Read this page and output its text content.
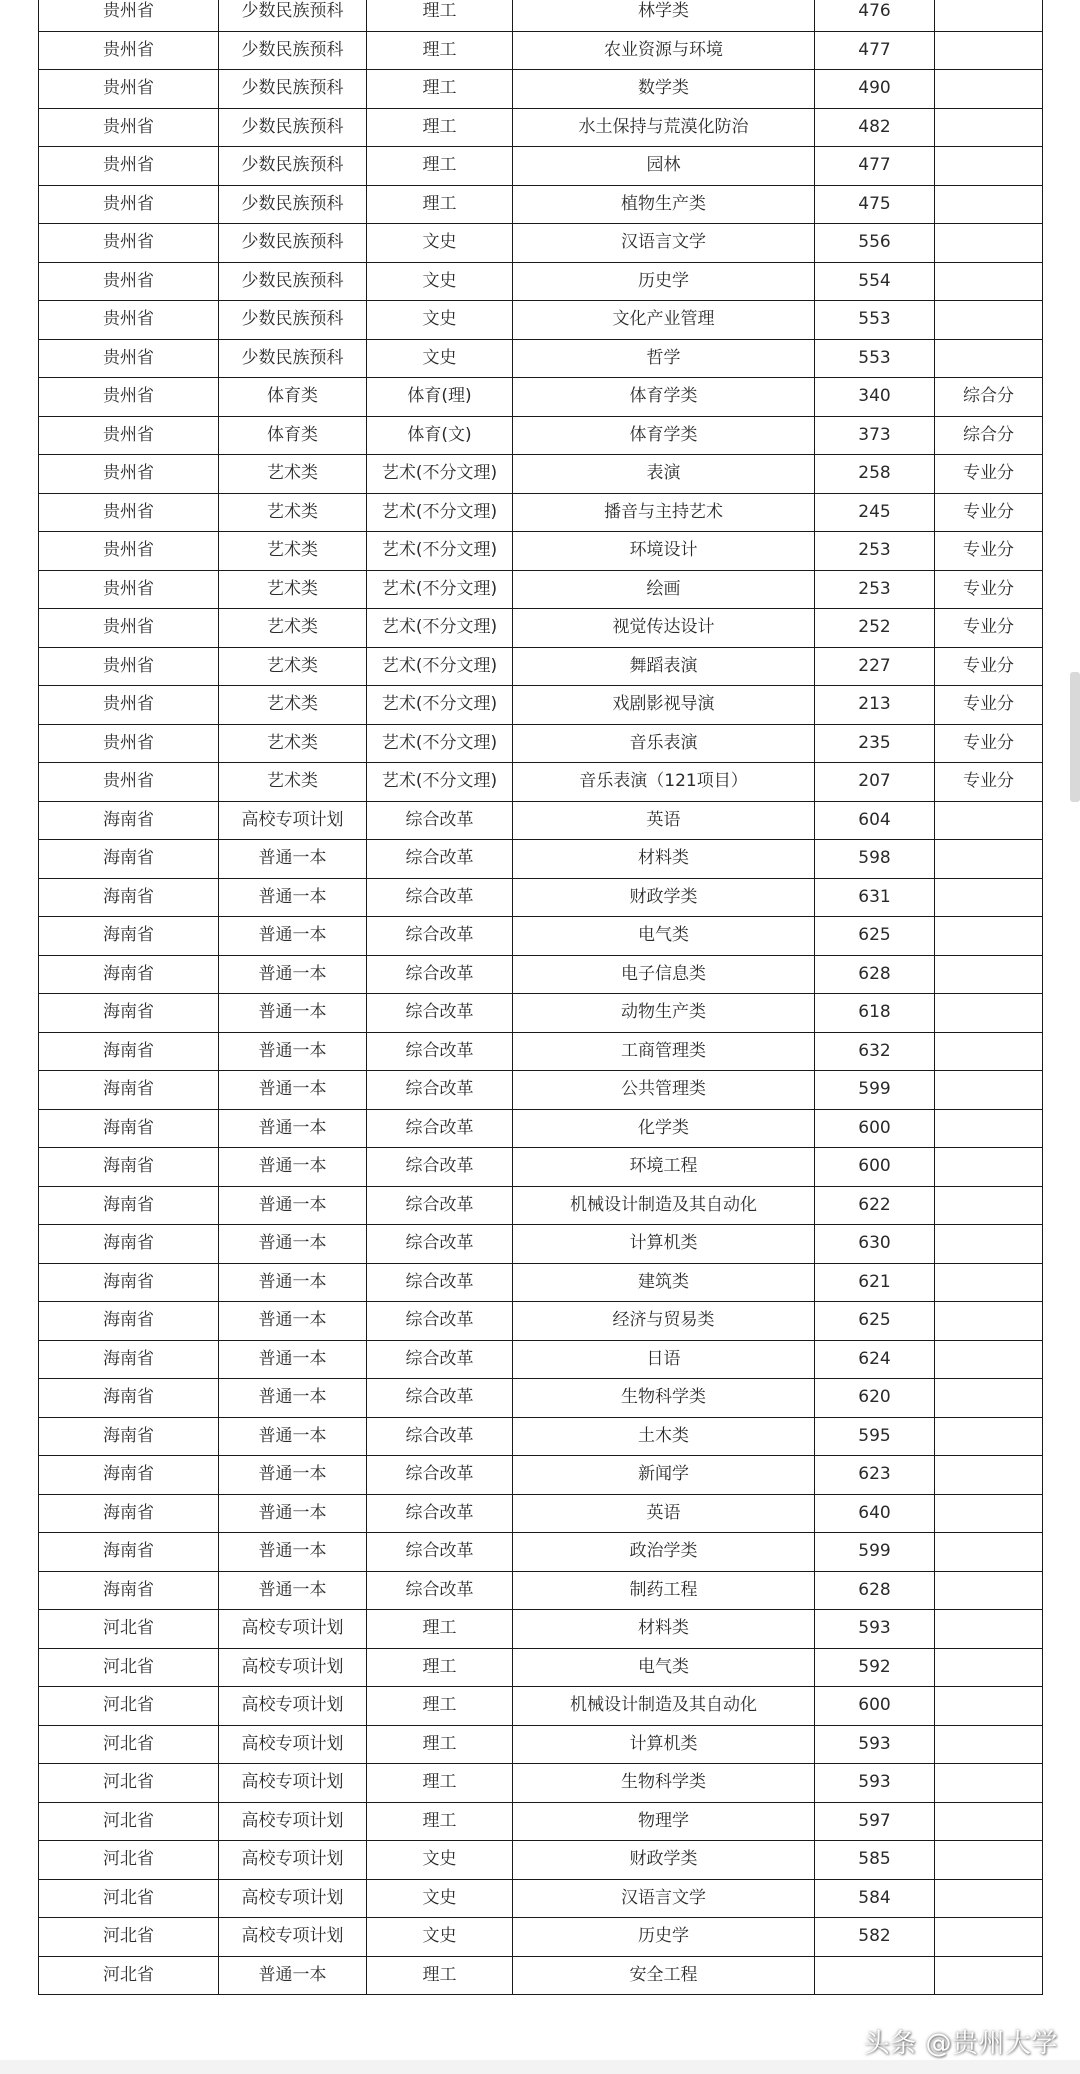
贵州省	少数民族预科	理工	林学类	476	
贵州省	少数民族预科	理工	农业资源与环境	477	
贵州省	少数民族预科	理工	数学类	490	
贵州省	少数民族预科	理工	水土保持与荒漠化防治	482	
贵州省	少数民族预科	理工	园林	477	
贵州省	少数民族预科	理工	植物生产类	475	
贵州省	少数民族预科	文史	汉语言文学	556	
贵州省	少数民族预科	文史	历史学	554	
贵州省	少数民族预科	文史	文化产业管理	553	
贵州省	少数民族预科	文史	哲学	553	
贵州省	体育类	体育(理)	体育学类	340	综合分
贵州省	体育类	体育(文)	体育学类	373	综合分
贵州省	艺术类	艺术(不分文理)	表演	258	专业分
贵州省	艺术类	艺术(不分文理)	播音与主持艺术	245	专业分
贵州省	艺术类	艺术(不分文理)	环境设计	253	专业分
贵州省	艺术类	艺术(不分文理)	绘画	253	专业分
贵州省	艺术类	艺术(不分文理)	视觉传达设计	252	专业分
贵州省	艺术类	艺术(不分文理)	舞蹈表演	227	专业分
贵州省	艺术类	艺术(不分文理)	戏剧影视导演	213	专业分
贵州省	艺术类	艺术(不分文理)	音乐表演	235	专业分
贵州省	艺术类	艺术(不分文理)	音乐表演（121项目）	207	专业分
海南省	高校专项计划	综合改革	英语	604	
海南省	普通一本	综合改革	材料类	598	
海南省	普通一本	综合改革	财政学类	631	
海南省	普通一本	综合改革	电气类	625	
海南省	普通一本	综合改革	电子信息类	628	
海南省	普通一本	综合改革	动物生产类	618	
海南省	普通一本	综合改革	工商管理类	632	
海南省	普通一本	综合改革	公共管理类	599	
海南省	普通一本	综合改革	化学类	600	
海南省	普通一本	综合改革	环境工程	600	
海南省	普通一本	综合改革	机械设计制造及其自动化	622	
海南省	普通一本	综合改革	计算机类	630	
海南省	普通一本	综合改革	建筑类	621	
海南省	普通一本	综合改革	经济与贸易类	625	
海南省	普通一本	综合改革	日语	624	
海南省	普通一本	综合改革	生物科学类	620	
海南省	普通一本	综合改革	土木类	595	
海南省	普通一本	综合改革	新闻学	623	
海南省	普通一本	综合改革	英语	640	
海南省	普通一本	综合改革	政治学类	599	
海南省	普通一本	综合改革	制药工程	628	
河北省	高校专项计划	理工	材料类	593	
河北省	高校专项计划	理工	电气类	592	
河北省	高校专项计划	理工	机械设计制造及其自动化	600	
河北省	高校专项计划	理工	计算机类	593	
河北省	高校专项计划	理工	生物科学类	593	
河北省	高校专项计划	理工	物理学	597	
河北省	高校专项计划	文史	财政学类	585	
河北省	高校专项计划	文史	汉语言文学	584	
河北省	高校专项计划	文史	历史学	582	
河北省	普通一本	理工	安全工程		
头条 @贵州大学
